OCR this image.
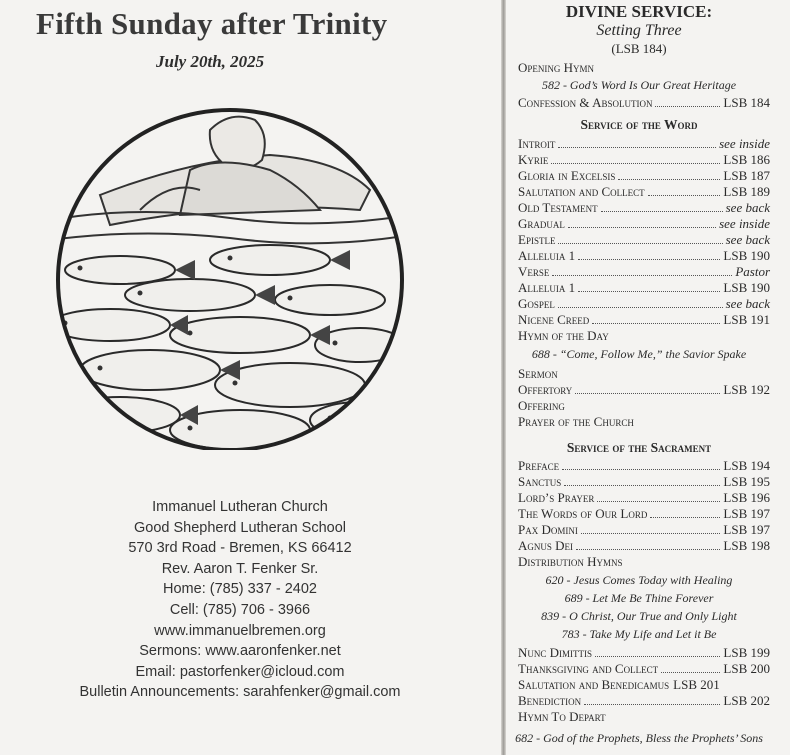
Fifth Sunday after Trinity
July 20th, 2025
Immanuel Lutheran Church
Good Shepherd Lutheran School
570 3rd Road - Bremen, KS 66412
Rev. Aaron T. Fenker Sr.
Home: (785) 337 - 2402
Cell: (785) 706 - 3966
www.immanuelbremen.org
Sermons: www.aaronfenker.net
Email: pastorfenker@icloud.com
Bulletin Announcements: sarahfenker@gmail.com
DIVINE SERVICE:
Setting Three
(LSB 184)
Opening Hymn
582 - God’s Word Is Our Great Heritage
Confession & Absolution	LSB 184
Service of the Word
Introit	see inside
Kyrie	LSB 186
Gloria in Excelsis	LSB 187
Salutation and Collect	LSB 189
Old Testament	see back
Gradual	see inside
Epistle	see back
Alleluia 1	LSB 190
Verse	Pastor
Alleluia 1	LSB 190
Gospel	see back
Nicene Creed	LSB 191
Hymn of the Day
688 - “Come, Follow Me,” the Savior Spake
Sermon
Offertory	LSB 192
Offering
Prayer of the Church
Service of the Sacrament
Preface	LSB 194
Sanctus	LSB 195
Lord’s Prayer	LSB 196
The Words of Our Lord	LSB 197
Pax Domini	LSB 197
Agnus Dei	LSB 198
Distribution Hymns
620 - Jesus Comes Today with Healing
689 - Let Me Be Thine Forever
839 - O Christ, Our True and Only Light
783 - Take My Life and Let it Be
Nunc Dimittis	LSB 199
Thanksgiving and Collect	LSB 200
Salutation and Benedicamus LSB 201
Benediction	LSB 202
Hymn To Depart
682 - God of the Prophets, Bless the Prophets’ Sons
